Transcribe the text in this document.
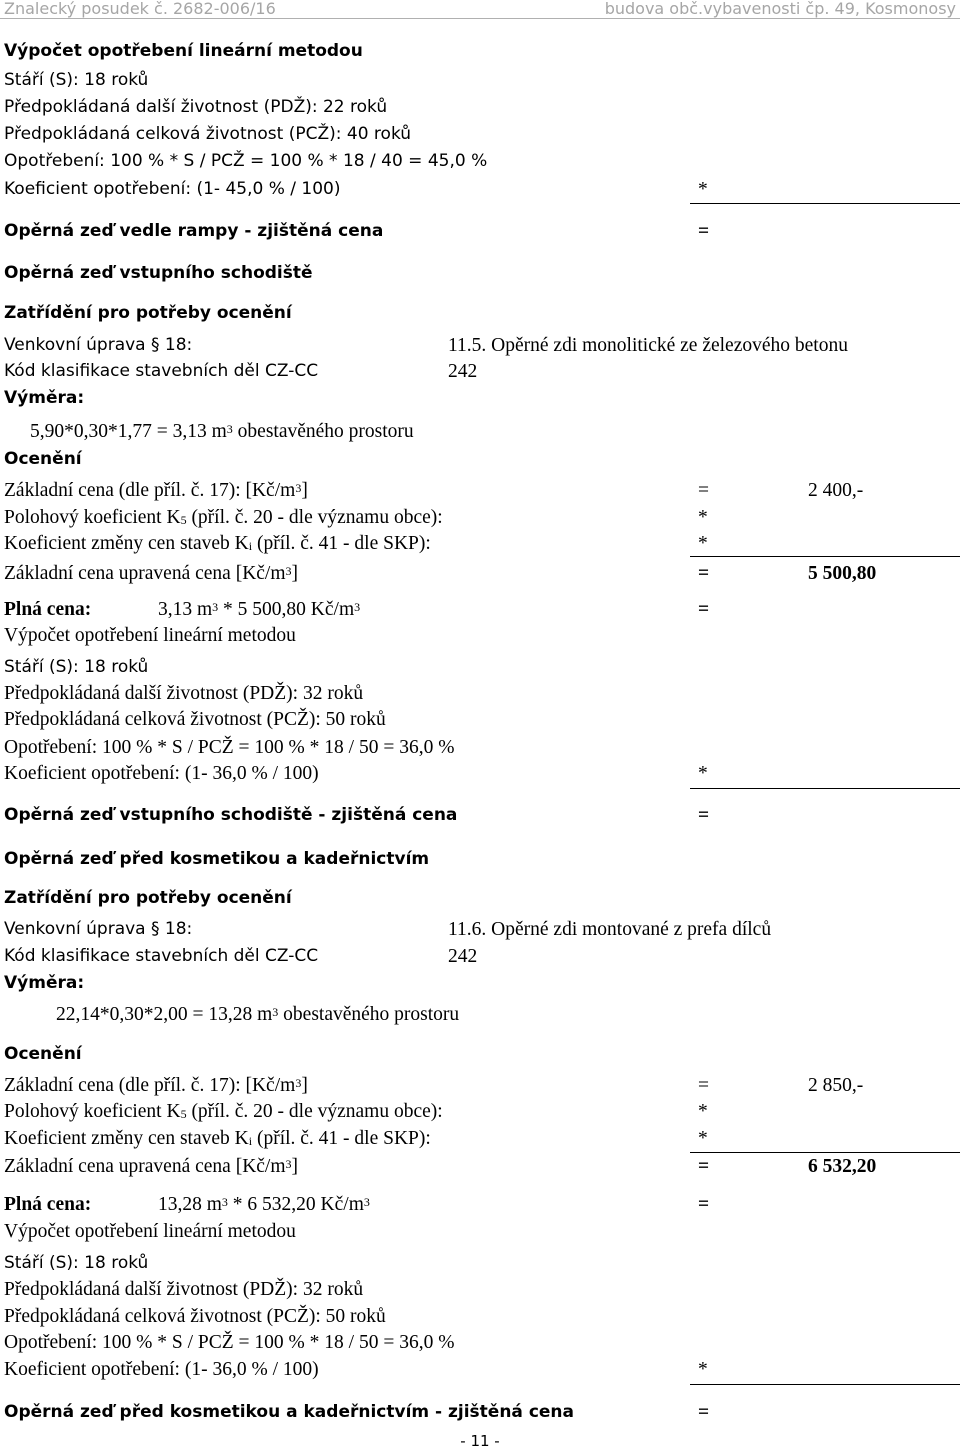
Znalecký posudek č. 2682-006/16	budova obč.vybavenosti čp. 49, Kosmonosy
Výpočet opotřebení lineární metodou
Stáří (S): 18 roků
Předpokládaná další životnost (PDŽ): 22 roků
Předpokládaná celková životnost (PCŽ): 40 roků
Opotřebení: 100 % * S / PCŽ = 100 % * 18 / 40 = 45,0 %
Koeficient opotřebení: (1- 45,0 % / 100)	*
Opěrná zeď vedle rampy - zjištěná cena	=
Opěrná zeď vstupního schodiště
Zatřídění pro potřeby ocenění
Venkovní úprava § 18:	11.5. Opěrné zdi monolitické ze železového betonu
Kód klasifikace stavebních děl CZ-CC	242
Výměra:
5,90*0,30*1,77 = 3,13 $m^3$ obestavěného prostoru
Ocenění
Základní cena (dle příl. č. 17): $[Kč/m^3]$	=	2 400,-
Polohový koeficient $K_5$ (příl. č. 20 - dle významu obce):	*
Koeficient změny cen staveb $K_i$ (příl. č. 41 - dle SKP):	*
Základní cena upravená cena $[Kč/m^3]$	=	5 500,80
Plná cena:	3,13 $m^3 * 5$ 500,80 $Kč/m^3$	=
Výpočet opotřebení lineární metodou
Stáří (S): 18 roků
Předpokládaná další životnost (PDŽ): 32 roků
Předpokládaná celková životnost (PCŽ): 50 roků
Opotřebení: 100 % * S / PCŽ = 100 % * 18 / 50 = 36,0 %
Koeficient opotřebení: (1- 36,0 % / 100)	*
Opěrná zeď vstupního schodiště - zjištěná cena	=
Opěrná zeď před kosmetikou a kadeřnictvím
Zatřídění pro potřeby ocenění
Venkovní úprava § 18:	11.6. Opěrné zdi montované z prefa dílců
Kód klasifikace stavebních děl CZ-CC	242
Výměra:
22,14*0,30*2,00 = 13,28 $m^3$ obestavěného prostoru
Ocenění
Základní cena (dle příl. č. 17): $[Kč/m^3]$	=	2 850,-
Polohový koeficient $K_5$ (příl. č. 20 - dle významu obce):	*
Koeficient změny cen staveb $K_i$ (příl. č. 41 - dle SKP):	*
Základní cena upravená cena $[Kč/m^3]$	=	6 532,20
Plná cena:	13,28 $m^3 * 6$ 532,20 $Kč/m^3$	=
Výpočet opotřebení lineární metodou
Stáří (S): 18 roků
Předpokládaná další životnost (PDŽ): 32 roků
Předpokládaná celková životnost (PCŽ): 50 roků
Opotřebení: 100 % * S / PCŽ = 100 % * 18 / 50 = 36,0 %
Koeficient opotřebení: (1- 36,0 % / 100)	*
Opěrná zeď před kosmetikou a kadeřnictvím - zjištěná cena	=
- 11 -
